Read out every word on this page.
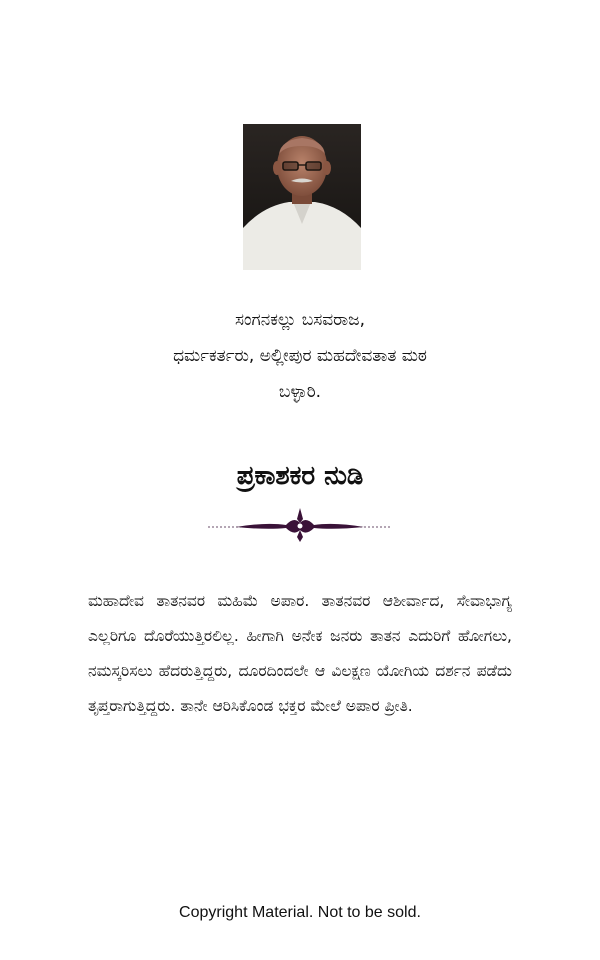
ಸಂಗನಕಲ್ಲು ಬಸವರಾಜ,
ಧರ್ಮಕರ್ತರು, ಅಲ್ಲೀಪುರ ಮಹದೇವತಾತ ಮಠ
ಬಳ್ಳಾರಿ.
ಪ್ರಕಾಶಕರ ನುಡಿ
ಮಹಾದೇವ ತಾತನವರ ಮಹಿಮೆ ಅಪಾರ. ತಾತನವರ ಆಶೀರ್ವಾದ, ಸೇವಾಭಾಗ್ಯ ಎಲ್ಲರಿಗೂ ದೊರೆಯುತ್ತಿರಲಿಲ್ಲ. ಹೀಗಾಗಿ ಅನೇಕ ಜನರು ತಾತನ ಎದುರಿಗೆ ಹೋಗಲು, ನಮಸ್ಕರಿಸಲು ಹೆದರುತ್ತಿದ್ದರು, ದೂರದಿಂದಲೇ ಆ ವಿಲಕ್ಷಣ ಯೋಗಿಯ ದರ್ಶನ ಪಡೆದು ತೃಪ್ತರಾಗುತ್ತಿದ್ದರು. ತಾನೇ ಆರಿಸಿಕೊಂಡ ಭಕ್ತರ ಮೇಲೆ ಅಪಾರ ಪ್ರೀತಿ.
Copyright Material. Not to be sold.
